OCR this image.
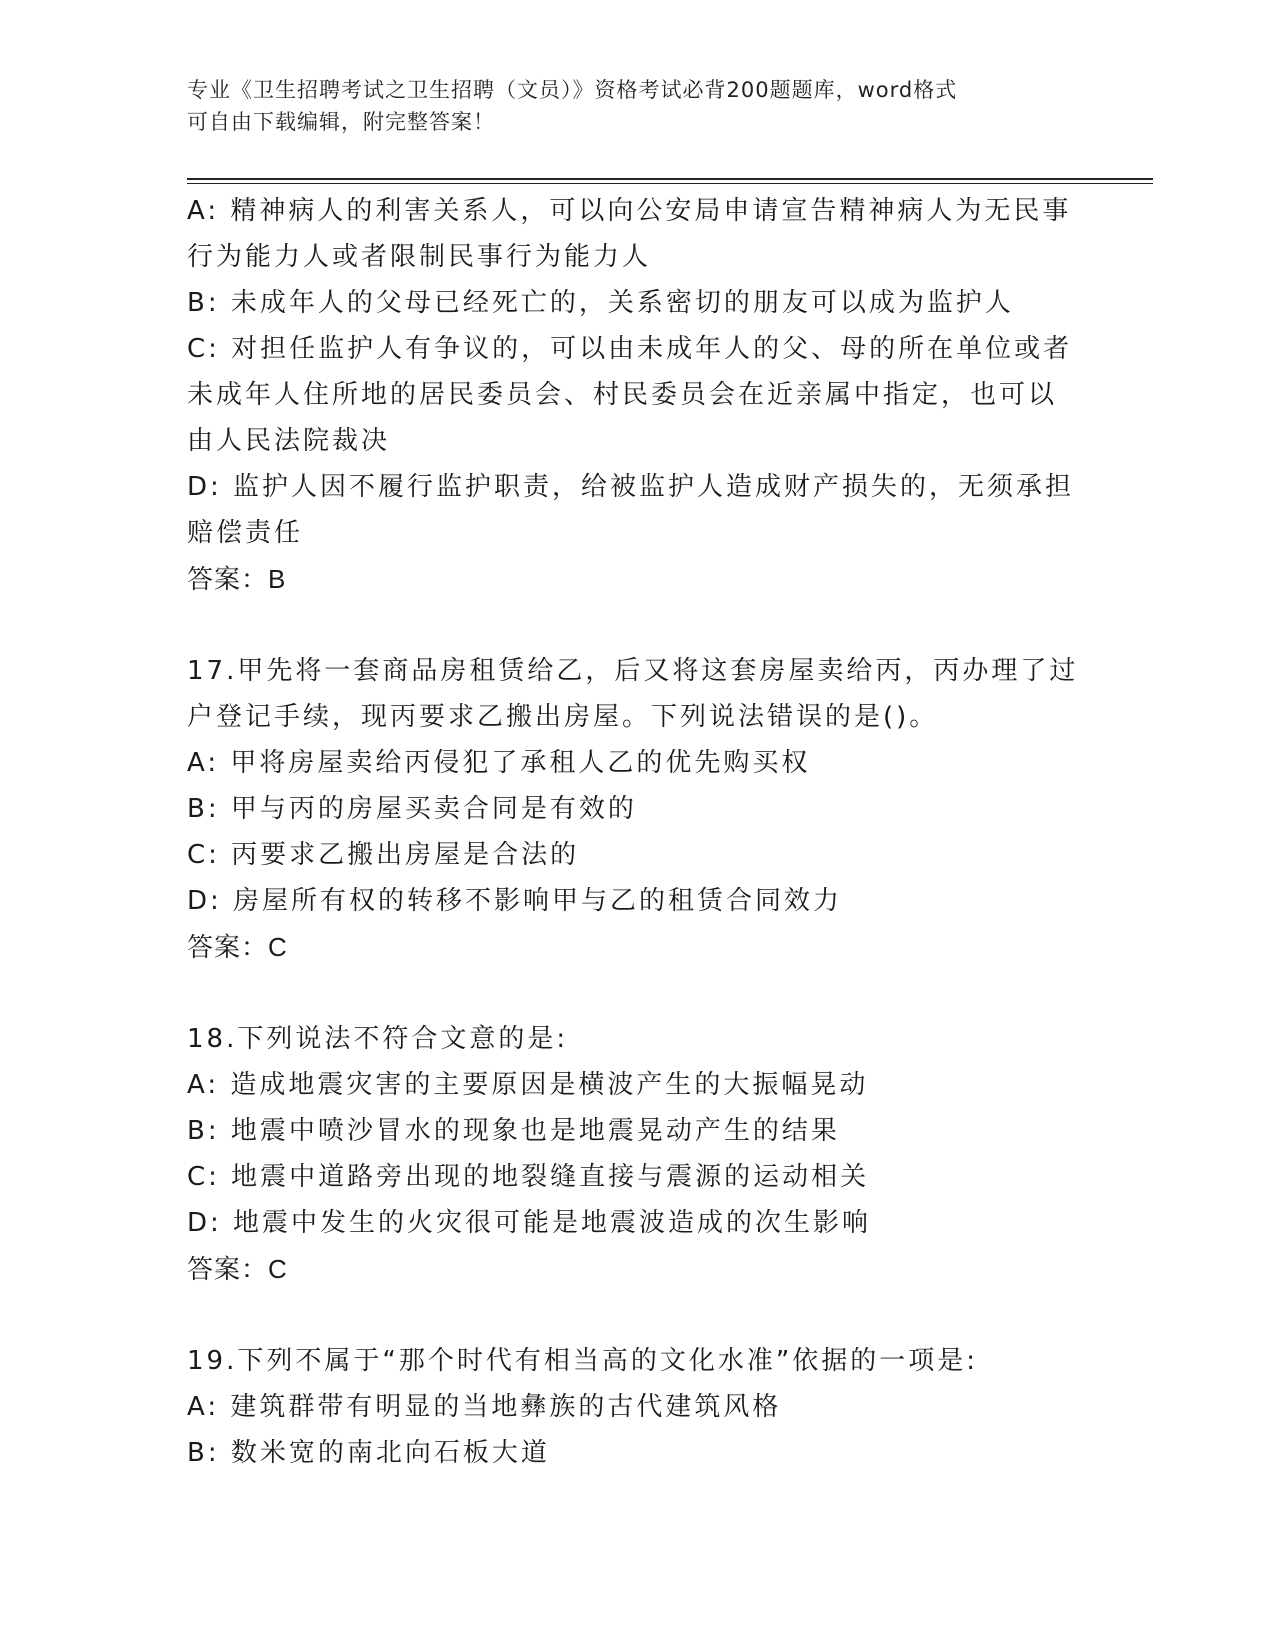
专业《卫生招聘考试之卫生招聘（文员）》资格考试必背200题题库，word格式
可自由下载编辑，附完整答案！
A: 精神病人的利害关系人，可以向公安局申请宣告精神病人为无民事
行为能力人或者限制民事行为能力人
B: 未成年人的父母已经死亡的，关系密切的朋友可以成为监护人
C: 对担任监护人有争议的，可以由未成年人的父、母的所在单位或者
未成年人住所地的居民委员会、村民委员会在近亲属中指定，也可以
由人民法院裁决
D: 监护人因不履行监护职责，给被监护人造成财产损失的，无须承担
赔偿责任
答案：B
17.甲先将一套商品房租赁给乙，后又将这套房屋卖给丙，丙办理了过
户登记手续，现丙要求乙搬出房屋。下列说法错误的是()。
A: 甲将房屋卖给丙侵犯了承租人乙的优先购买权
B: 甲与丙的房屋买卖合同是有效的
C: 丙要求乙搬出房屋是合法的
D: 房屋所有权的转移不影响甲与乙的租赁合同效力
答案：C
18.下列说法不符合文意的是:
A: 造成地震灾害的主要原因是横波产生的大振幅晃动
B: 地震中喷沙冒水的现象也是地震晃动产生的结果
C: 地震中道路旁出现的地裂缝直接与震源的运动相关
D: 地震中发生的火灾很可能是地震波造成的次生影响
答案：C
19.下列不属于“那个时代有相当高的文化水准”依据的一项是:
A: 建筑群带有明显的当地彝族的古代建筑风格
B: 数米宽的南北向石板大道
